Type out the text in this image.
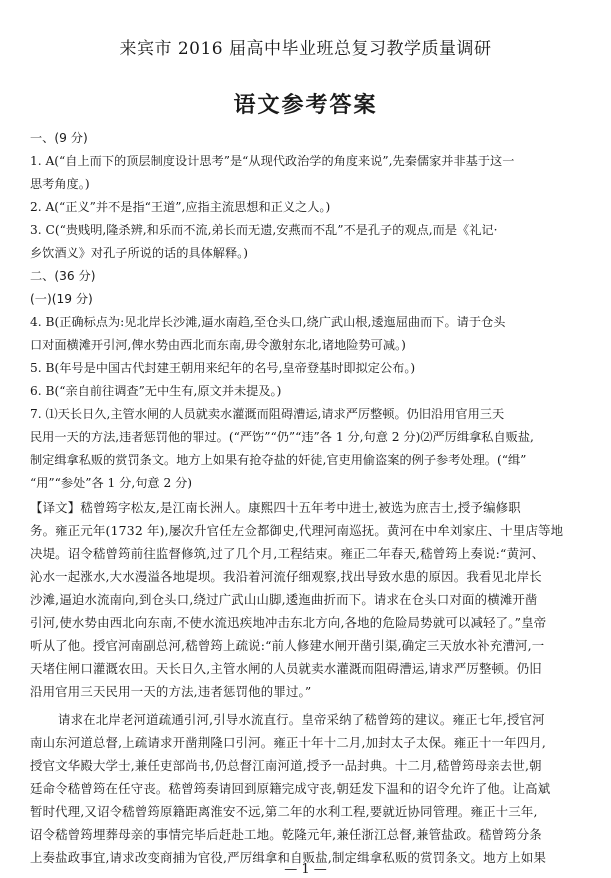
来宾市 2016 届高中毕业班总复习教学质量调研
语文参考答案
一、(9 分)
1. A(“自上而下的顶层制度设计思考”是“从现代政治学的角度来说”,先秦儒家并非基于这一
思考角度。)
2. A(“正义”并不是指“王道”,应指主流思想和正义之人。)
3. C(“贵贱明,隆杀辨,和乐而不流,弟长而无遗,安燕而不乱”不是孔子的观点,而是《礼记·
乡饮酒义》对孔子所说的话的具体解释。)
二、(36 分)
(一)(19 分)
4. B(正确标点为:见北岸长沙滩,逼水南趋,至仓头口,绕广武山根,逶迤屈曲而下。请于仓头
口对面横滩开引河,俾水势由西北而东南,毋令激射东北,诸地险势可减。)
5. B(年号是中国古代封建王朝用来纪年的名号,皇帝登基时即拟定公布。)
6. B(“亲自前往调查”无中生有,原文并未提及。)
7. ⑴天长日久,主管水闸的人员就卖水灌溉而阻碍漕运,请求严厉整顿。仍旧沿用官用三天
民用一天的方法,违者惩罚他的罪过。(“严饬”“仍”“违”各 1 分,句意 2 分)⑵严厉缉拿私自贩盐,
制定缉拿私贩的赏罚条文。地方上如果有抢夺盐的奸徒,官吏用偷盗案的例子参考处理。(“缉”
“用”“参处”各 1 分,句意 2 分)
【译文】嵇曾筠字松友,是江南长洲人。康熙四十五年考中进士,被选为庶吉士,授予编修职
务。雍正元年(1732 年),屡次升官任左佥都御史,代理河南巡抚。黄河在中牟刘家庄、十里店等地
决堤。诏令嵇曾筠前往监督修筑,过了几个月,工程结束。雍正二年春天,嵇曾筠上奏说:“黄河、
沁水一起涨水,大水漫溢各地堤坝。我沿着河流仔细观察,找出导致水患的原因。我看见北岸长
沙滩,逼迫水流南向,到仓头口,绕过广武山山脚,逶迤曲折而下。请求在仓头口对面的横滩开凿
引河,使水势由西北向东南,不使水流迅疾地冲击东北方向,各地的危险局势就可以减轻了。”皇帝
听从了他。授官河南副总河,嵇曾筠上疏说:“前人修建水闸开凿引渠,确定三天放水补充漕河,一
天堵住闸口灌溉农田。天长日久,主管水闸的人员就卖水灌溉而阻碍漕运,请求严厉整顿。仍旧
沿用官用三天民用一天的方法,违者惩罚他的罪过。”
请求在北岸老河道疏通引河,引导水流直行。皇帝采纳了嵇曾筠的建议。雍正七年,授官河
南山东河道总督,上疏请求开凿荆隆口引河。雍正十年十二月,加封太子太保。雍正十一年四月,
授官文华殿大学士,兼任吏部尚书,仍总督江南河道,授予一品封典。十二月,嵇曾筠母亲去世,朝
廷命令嵇曾筠在任守丧。嵇曾筠奏请回到原籍完成守丧,朝廷发下温和的诏令允许了他。让高斌
暂时代理,又诏令嵇曾筠原籍距离淮安不远,第二年的水利工程,要就近协同管理。雍正十三年,
诏令嵇曾筠埋葬母亲的事情完毕后赶赴工地。乾隆元年,兼任浙江总督,兼管盐政。嵇曾筠分条
上奏盐政事宜,请求改变商捕为官役,严厉缉拿和自贩盐,制定缉拿私贩的赏罚条文。地方上如果
— 1 —
